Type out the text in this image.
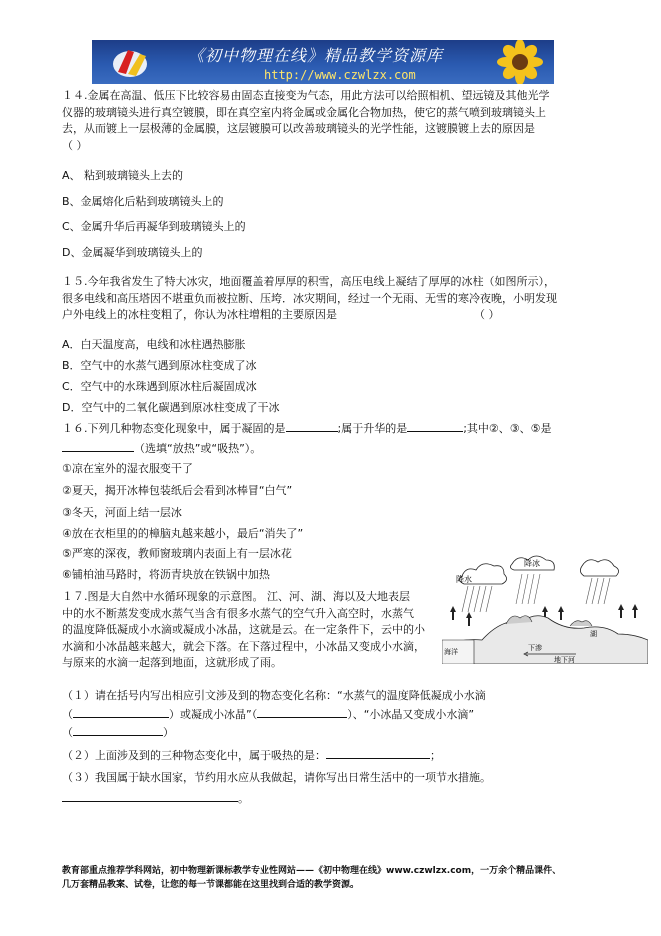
《初中物理在线》精品教学资源库
http://www.czwlzx.com

１４.金属在高温、低压下比较容易由固态直接变为气态，用此方法可以给照相机、望远镜及其他光学

仪器的玻璃镜头进行真空镀膜，即在真空室内将金属或金属化合物加热，使它的蒸气喷到玻璃镜头上

去，从而镀上一层极薄的金属膜，这层镀膜可以改善玻璃镜头的光学性能，这镀膜镀上去的原因是

（ ）

A、 粘到玻璃镜头上去的
B、金属熔化后粘到玻璃镜头上的
C、金属升华后再凝华到玻璃镜头上的
D、金属凝华到玻璃镜头上的

１５.今年我省发生了特大冰灾，地面覆盖着厚厚的积雪，高压电线上凝结了厚厚的冰柱（如图所示），

很多电线和高压塔因不堪重负而被拉断、压垮．冰灾期间，经过一个无雨、无雪的寒冷夜晚，小明发现

户外电线上的冰柱变粗了，你认为冰柱增粗的主要原因是	（ ）

A．白天温度高，电线和冰柱遇热膨胀
B．空气中的水蒸气遇到原冰柱变成了冰
C．空气中的水珠遇到原冰柱后凝固成冰
D．空气中的二氧化碳遇到原冰柱变成了干冰
１６.下列几种物态变化现象中，属于凝固的是	;属于升华的是	;其中②、③、⑤是
（选填“放热”或“吸热”）。
①凉在室外的湿衣服变干了
②夏天，揭开冰棒包装纸后会看到冰棒冒“白气”
③冬天，河面上结一层冰
④放在衣柜里的的樟脑丸越来越小，最后“消失了”
⑤严寒的深夜，教师窗玻璃内表面上有一层冰花
⑥铺柏油马路时，将沥青块放在铁锅中加热

１７.图是大自然中水循环现象的示意图。 江、河、湖、海以及大地表层

中的水不断蒸发变成水蒸气当含有很多水蒸气的空气升入高空时，水蒸气

的温度降低凝成小水滴或凝成小冰晶，这就是云。在一定条件下，云中的小

水滴和小冰晶越来越大，就会下落。在下落过程中，小冰晶又变成小水滴，

与原来的水滴一起落到地面，这就形成了雨。

降水
降冰
海洋
湖
下渗
地下河
（１）请在括号内写出相应引文涉及到的物态变化名称：“水蒸气的温度降低凝成小水滴
（	）或凝成小冰晶”（	）、“小冰晶又变成小水滴”
（	）
（２）上面涉及到的三种物态变化中，属于吸热的是：	；
（３）我国属于缺水国家，节约用水应从我做起，请你写出日常生活中的一项节水措施。
。

教育部重点推荐学科网站，初中物理新课标教学专业性网站——《初中物理在线》www.czwlzx.com，一万余个精品课件、

几万套精品教案、试卷，让您的每一节课都能在这里找到合适的教学资源。
